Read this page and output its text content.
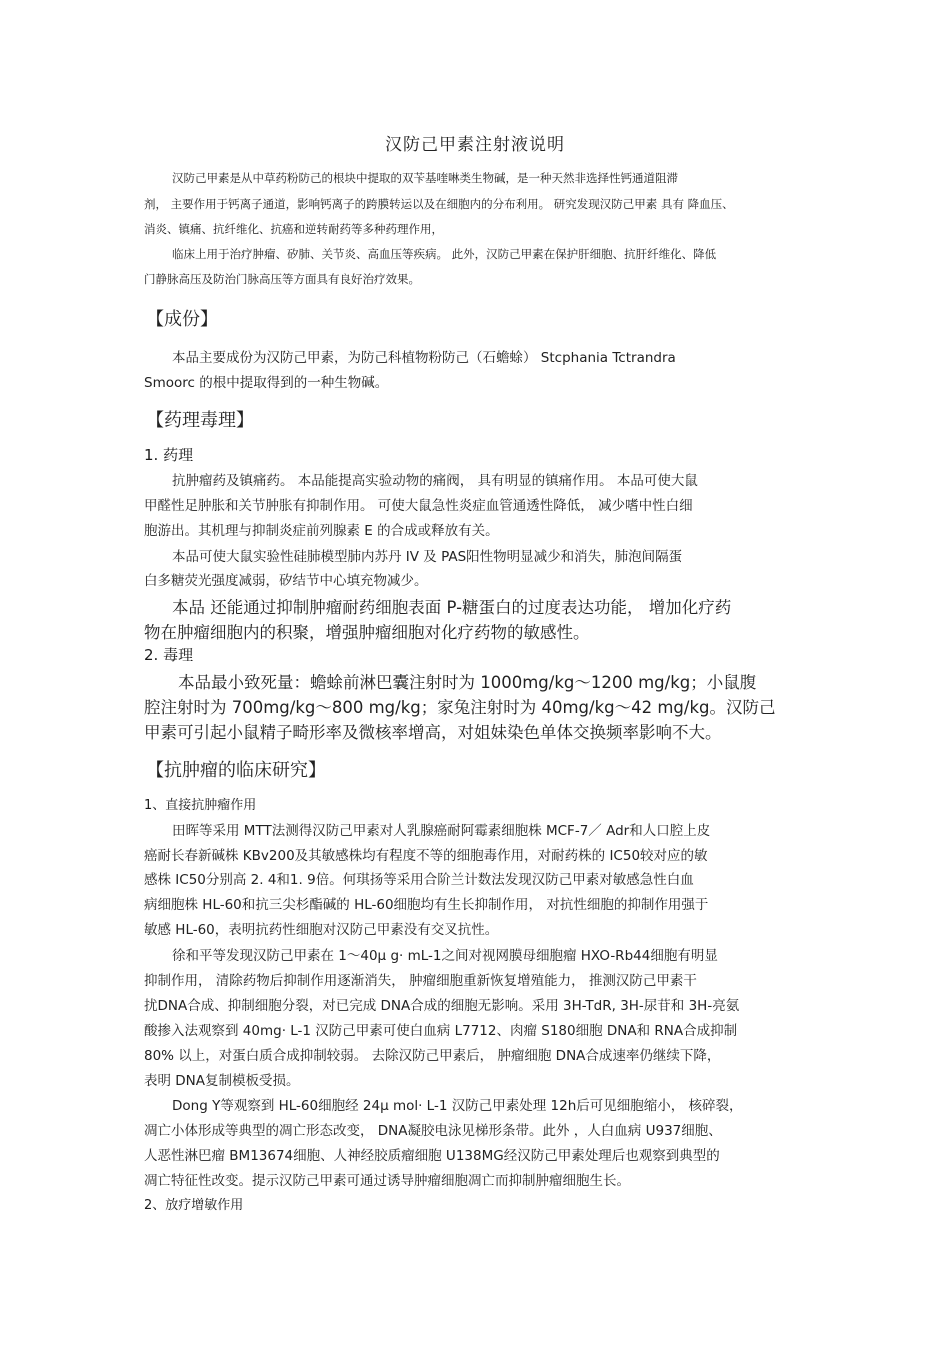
汉防己甲素注射液说明
汉防己甲素是从中草药粉防己的根块中提取的双苄基喹啉类生物碱，是一种天然非选择性钙通道阻滞
剂， 主要作用于钙离子通道，影响钙离子的跨膜转运以及在细胞内的分布利用。 研究发现汉防己甲素 具有 降血压、
消炎、镇痛、抗纤维化、抗癌和逆转耐药等多种药理作用，
临床上用于治疗肿瘤、矽肺、关节炎、高血压等疾病。 此外，汉防己甲素在保护肝细胞、抗肝纤维化、降低
门静脉高压及防治门脉高压等方面具有良好治疗效果。
【成份】
本品主要成份为汉防己甲素，为防己科植物粉防己（石蟾蜍） Stcphania Tctrandra
Smoorc 的根中提取得到的一种生物碱。
【药理毒理】
1. 药理
抗肿瘤药及镇痛药。 本品能提高实验动物的痛阀， 具有明显的镇痛作用。 本品可使大鼠
甲醛性足肿胀和关节肿胀有抑制作用。 可使大鼠急性炎症血管通透性降低， 减少嗜中性白细
胞游出。其机理与抑制炎症前列腺素 E 的合成或释放有关。
本品可使大鼠实验性硅肺模型肺内苏丹 IV 及 PAS阳性物明显减少和消失，肺泡间隔蛋
白多糖荧光强度减弱，矽结节中心填充物减少。
本品 还能通过抑制肿瘤耐药细胞表面 P-糖蛋白的过度表达功能， 增加化疗药
物在肿瘤细胞内的积聚，增强肿瘤细胞对化疗药物的敏感性。
2. 毒理
本品最小致死量：蟾蜍前淋巴囊注射时为 1000mg/kg～1200 mg/kg；小鼠腹
腔注射时为 700mg/kg～800 mg/kg；家兔注射时为 40mg/kg～42 mg/kg。汉防己
甲素可引起小鼠精子畸形率及微核率增高，对姐妹染色单体交换频率影响不大。
【抗肿瘤的临床研究】
1、直接抗肿瘤作用
田晖等采用 MTT法测得汉防己甲素对人乳腺癌耐阿霉素细胞株 MCF-7／ Adr和人口腔上皮
癌耐长春新碱株 KBv200及其敏感株均有程度不等的细胞毒作用，对耐药株的 IC50较对应的敏
感株 IC50分别高 2. 4和1. 9倍。何琪扬等采用合阶兰计数法发现汉防己甲素对敏感急性白血
病细胞株 HL-60和抗三尖杉酯碱的 HL-60细胞均有生长抑制作用， 对抗性细胞的抑制作用强于
敏感 HL-60，表明抗药性细胞对汉防己甲素没有交叉抗性。
徐和平等发现汉防己甲素在 1～40μ g· mL-1之间对视网膜母细胞瘤 HXO-Rb44细胞有明显
抑制作用， 清除药物后抑制作用逐渐消失， 肿瘤细胞重新恢复增殖能力， 推测汉防己甲素干
扰DNA合成、抑制细胞分裂，对已完成 DNA合成的细胞无影响。采用 3H-TdR, 3H-尿苷和 3H-亮氨
酸掺入法观察到 40mg· L-1 汉防己甲素可使白血病 L7712、肉瘤 S180细胞 DNA和 RNA合成抑制
80% 以上，对蛋白质合成抑制较弱。 去除汉防己甲素后， 肿瘤细胞 DNA合成速率仍继续下降，
表明 DNA复制模板受损。
Dong Y等观察到 HL-60细胞经 24μ mol· L-1 汉防己甲素处理 12h后可见细胞缩小， 核碎裂，
凋亡小体形成等典型的凋亡形态改变， DNA凝胶电泳见梯形条带。此外 ，人白血病 U937细胞、
人恶性淋巴瘤 BM13674细胞、人神经胶质瘤细胞 U138MG经汉防己甲素处理后也观察到典型的
凋亡特征性改变。提示汉防己甲素可通过诱导肿瘤细胞凋亡而抑制肿瘤细胞生长。
2、放疗增敏作用
